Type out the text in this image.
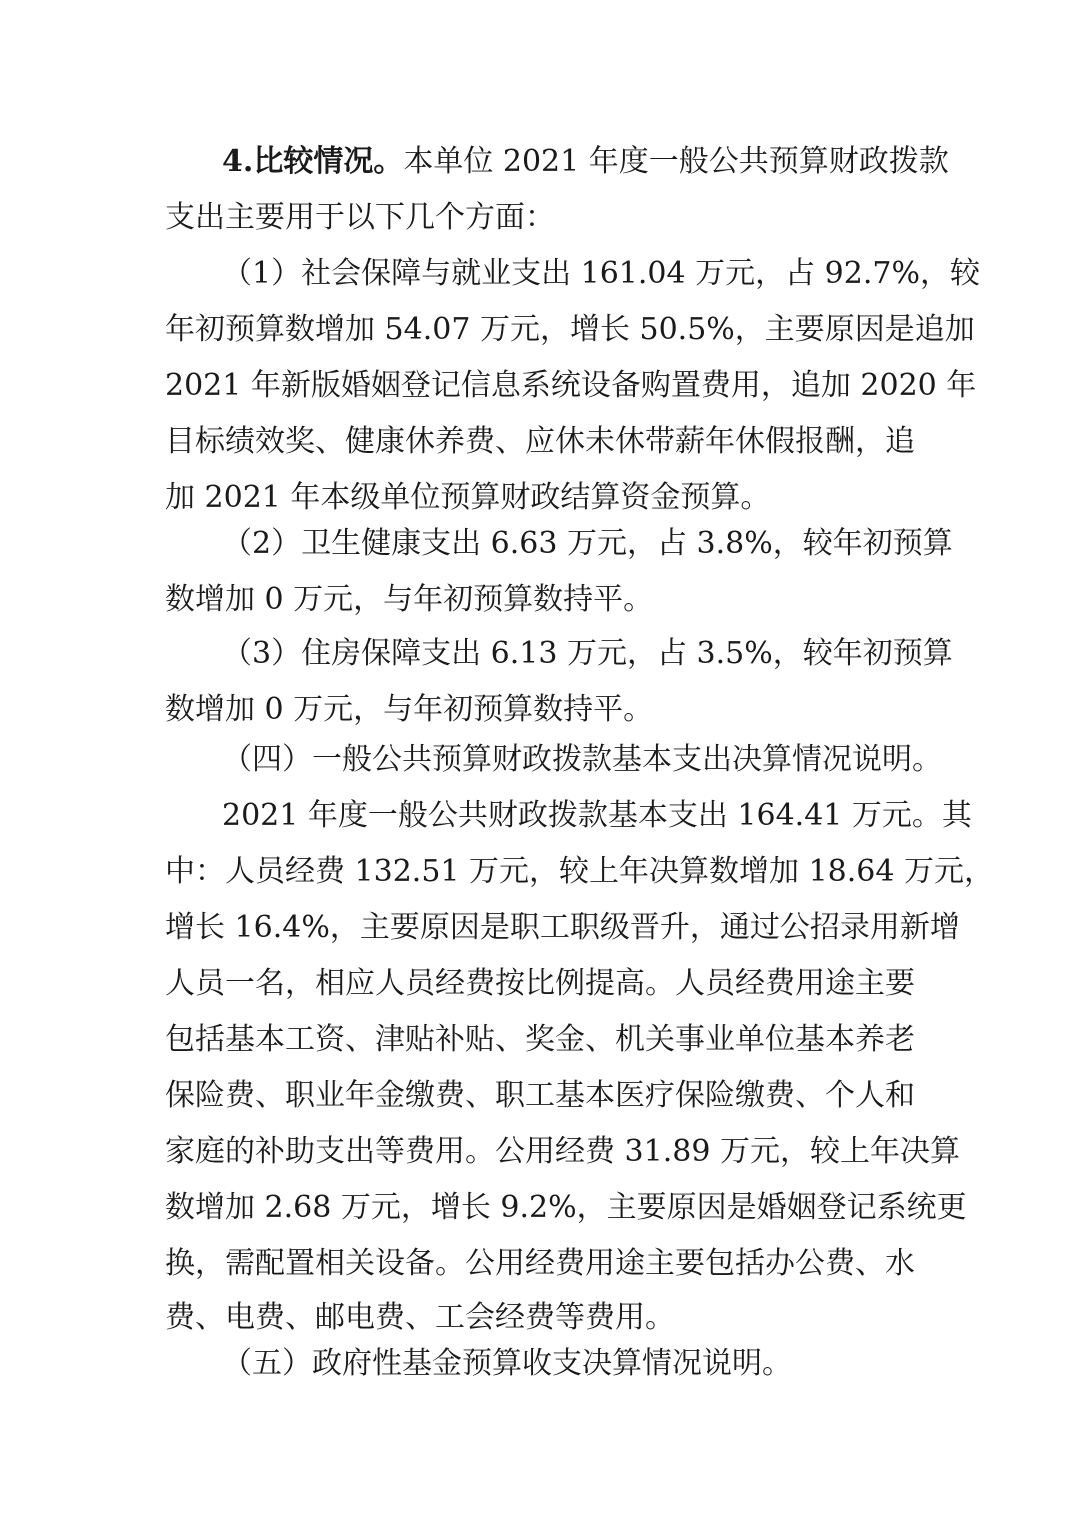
4.比较情况。本单位 2021 年度一般公共预算财政拨款
支出主要用于以下几个方面：
（1）社会保障与就业支出 161.04 万元，占 92.7%，较
年初预算数增加 54.07 万元，增长 50.5%，主要原因是追加
2021 年新版婚姻登记信息系统设备购置费用，追加 2020 年
目标绩效奖、健康休养费、应休未休带薪年休假报酬，追
加 2021 年本级单位预算财政结算资金预算。
（2）卫生健康支出 6.63 万元，占 3.8%，较年初预算
数增加 0 万元，与年初预算数持平。
（3）住房保障支出 6.13 万元，占 3.5%，较年初预算
数增加 0 万元，与年初预算数持平。
（四）一般公共预算财政拨款基本支出决算情况说明。
2021 年度一般公共财政拨款基本支出 164.41 万元。其
中：人员经费 132.51 万元，较上年决算数增加 18.64 万元，
增长 16.4%，主要原因是职工职级晋升，通过公招录用新增
人员一名，相应人员经费按比例提高。人员经费用途主要
包括基本工资、津贴补贴、奖金、机关事业单位基本养老
保险费、职业年金缴费、职工基本医疗保险缴费、个人和
家庭的补助支出等费用。公用经费 31.89 万元，较上年决算
数增加 2.68 万元，增长 9.2%，主要原因是婚姻登记系统更
换，需配置相关设备。公用经费用途主要包括办公费、水
费、电费、邮电费、工会经费等费用。
（五）政府性基金预算收支决算情况说明。
